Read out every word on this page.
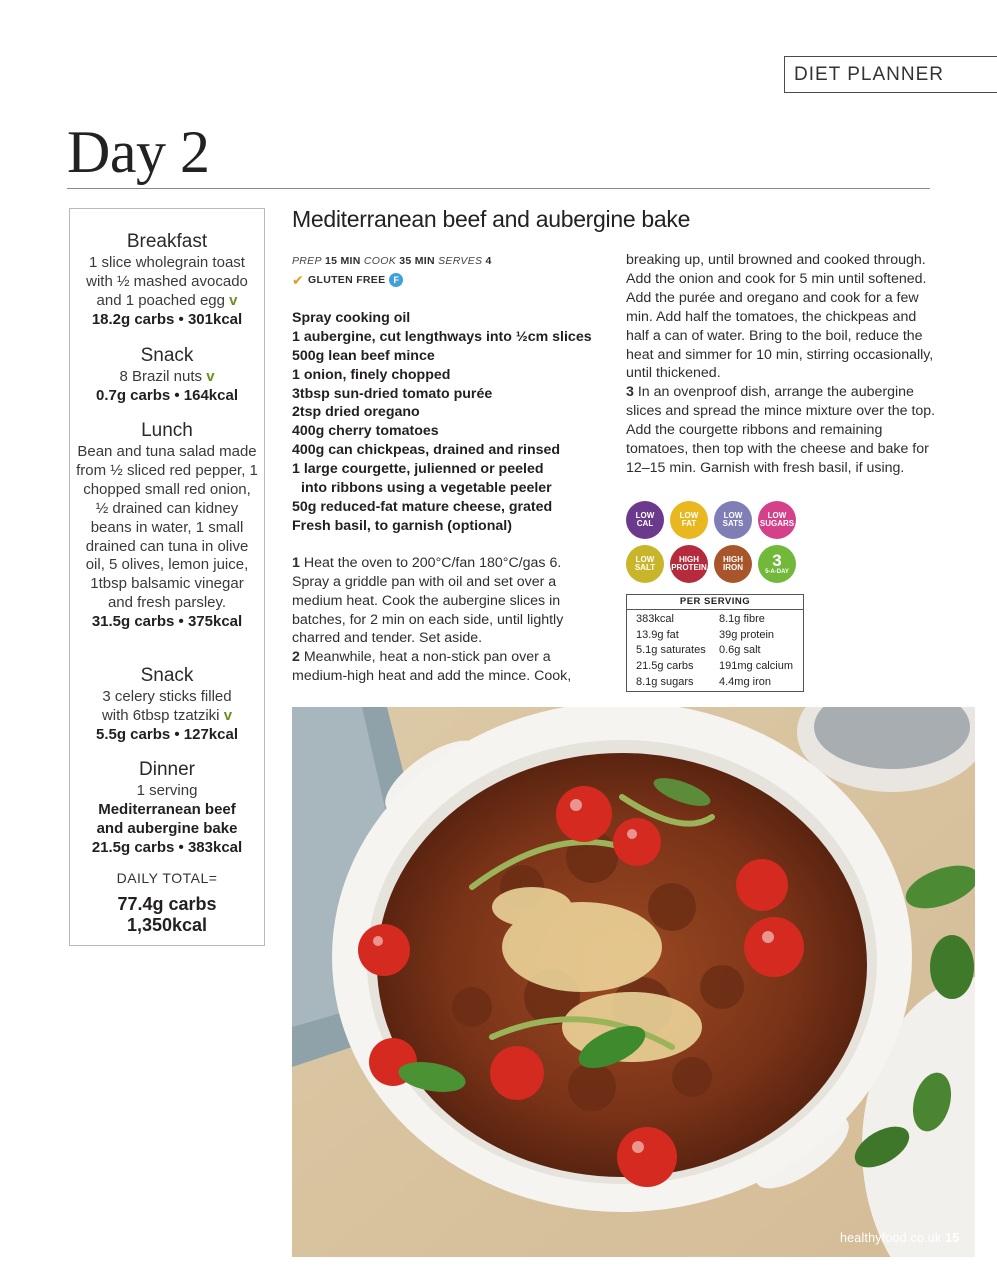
DIET PLANNER
Day 2
Breakfast
1 slice wholegrain toast with ½ mashed avocado and 1 poached egg v
18.2g carbs • 301kcal
Snack
8 Brazil nuts v
0.7g carbs • 164kcal
Lunch
Bean and tuna salad made from ½ sliced red pepper, 1 chopped small red onion, ½ drained can kidney beans in water, 1 small drained can tuna in olive oil, 5 olives, lemon juice, 1tbsp balsamic vinegar and fresh parsley.
31.5g carbs • 375kcal
Snack
3 celery sticks filled with 6tbsp tzatziki v
5.5g carbs • 127kcal
Dinner
1 serving
Mediterranean beef and aubergine bake
21.5g carbs • 383kcal
DAILY TOTAL=
77.4g carbs
1,350kcal
Mediterranean beef and aubergine bake
PREP 15 MIN COOK 35 MIN SERVES 4
✔ GLUTEN FREE F
Spray cooking oil
1 aubergine, cut lengthways into ½cm slices
500g lean beef mince
1 onion, finely chopped
3tbsp sun-dried tomato purée
2tsp dried oregano
400g cherry tomatoes
400g can chickpeas, drained and rinsed
1 large courgette, julienned or peeled
into ribbons using a vegetable peeler
50g reduced-fat mature cheese, grated
Fresh basil, to garnish (optional)
1 Heat the oven to 200°C/fan 180°C/gas 6. Spray a griddle pan with oil and set over a medium heat. Cook the aubergine slices in batches, for 2 min on each side, until lightly charred and tender. Set aside.
2 Meanwhile, heat a non-stick pan over a medium-high heat and add the mince. Cook,
breaking up, until browned and cooked through. Add the onion and cook for 5 min until softened. Add the purée and oregano and cook for a few min. Add half the tomatoes, the chickpeas and half a can of water. Bring to the boil, reduce the heat and simmer for 10 min, stirring occasionally, until thickened.
3 In an ovenproof dish, arrange the aubergine slices and spread the mince mixture over the top. Add the courgette ribbons and remaining tomatoes, then top with the cheese and bake for 12–15 min. Garnish with fresh basil, if using.
LOW
CAL
LOW
FAT
LOW
SATS
LOW
SUGARS
LOW
SALT
HIGH
PROTEIN
HIGH
IRON 3
5-A-DAY
PER SERVING
383kcal	8.1g fibre
13.9g fat	39g protein
5.1g saturates	0.6g salt
21.5g carbs	191mg calcium
8.1g sugars	4.4mg iron
healthyfood.co.uk 15
